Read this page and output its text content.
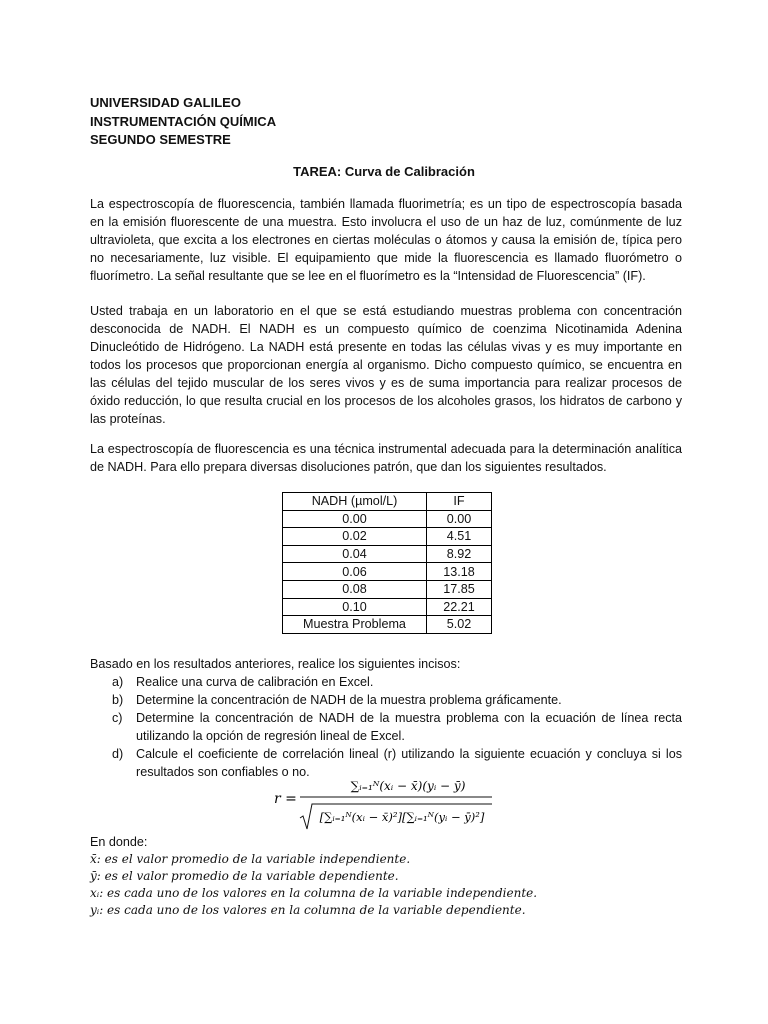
UNIVERSIDAD GALILEO
INSTRUMENTACIÓN QUÍMICA
SEGUNDO SEMESTRE
TAREA: Curva de Calibración

La espectroscopía de fluorescencia, también llamada fluorimetría; es un tipo de espectroscopía basada en la emisión fluorescente de una muestra. Esto involucra el uso de un haz de luz, comúnmente de luz ultravioleta, que excita a los electrones en ciertas moléculas o átomos y causa la emisión de, típica pero no necesariamente, luz visible. El equipamiento que mide la fluorescencia es llamado fluorómetro o fluorímetro. La señal resultante que se lee en el fluorímetro es la “Intensidad de Fluorescencia” (IF).

Usted trabaja en un laboratorio en el que se está estudiando muestras problema con concentración desconocida de NADH. El NADH es un compuesto químico de coenzima Nicotinamida Adenina Dinucleótido de Hidrógeno. La NADH está presente en todas las células vivas y es muy importante en todos los procesos que proporcionan energía al organismo. Dicho compuesto químico, se encuentra en las células del tejido muscular de los seres vivos y es de suma importancia para realizar procesos de óxido reducción, lo que resulta crucial en los procesos de los alcoholes grasos, los hidratos de carbono y las proteínas.

La espectroscopía de fluorescencia es una técnica instrumental adecuada para la determinación analítica de NADH. Para ello prepara diversas disoluciones patrón, que dan los siguientes resultados.

NADH (µmol/L)	IF
0.00	0.00
0.02	4.51
0.04	8.92
0.06	13.18
0.08	17.85
0.10	22.21
Muestra Problema	5.02
Basado en los resultados anteriores, realice los siguientes incisos:
a) Realice una curva de calibración en Excel.
b) Determine la concentración de NADH de la muestra problema gráficamente.
c) Determine la concentración de NADH de la muestra problema con la ecuación de línea recta utilizando la opción de regresión lineal de Excel.
d) Calcule el coeficiente de correlación lineal (r) utilizando la siguiente ecuación y concluya si los resultados son confiables o no.
r =
∑ᵢ₌₁ᴺ(xᵢ − x̄)(yᵢ − ȳ)
[∑ᵢ₌₁ᴺ(xᵢ − x̄)²][∑ᵢ₌₁ᴺ(yᵢ − ȳ)²]
En donde:
x̄: es el valor promedio de la variable independiente.
ȳ: es el valor promedio de la variable dependiente.
xᵢ: es cada uno de los valores en la columna de la variable independiente.
yᵢ: es cada uno de los valores en la columna de la variable dependiente.
